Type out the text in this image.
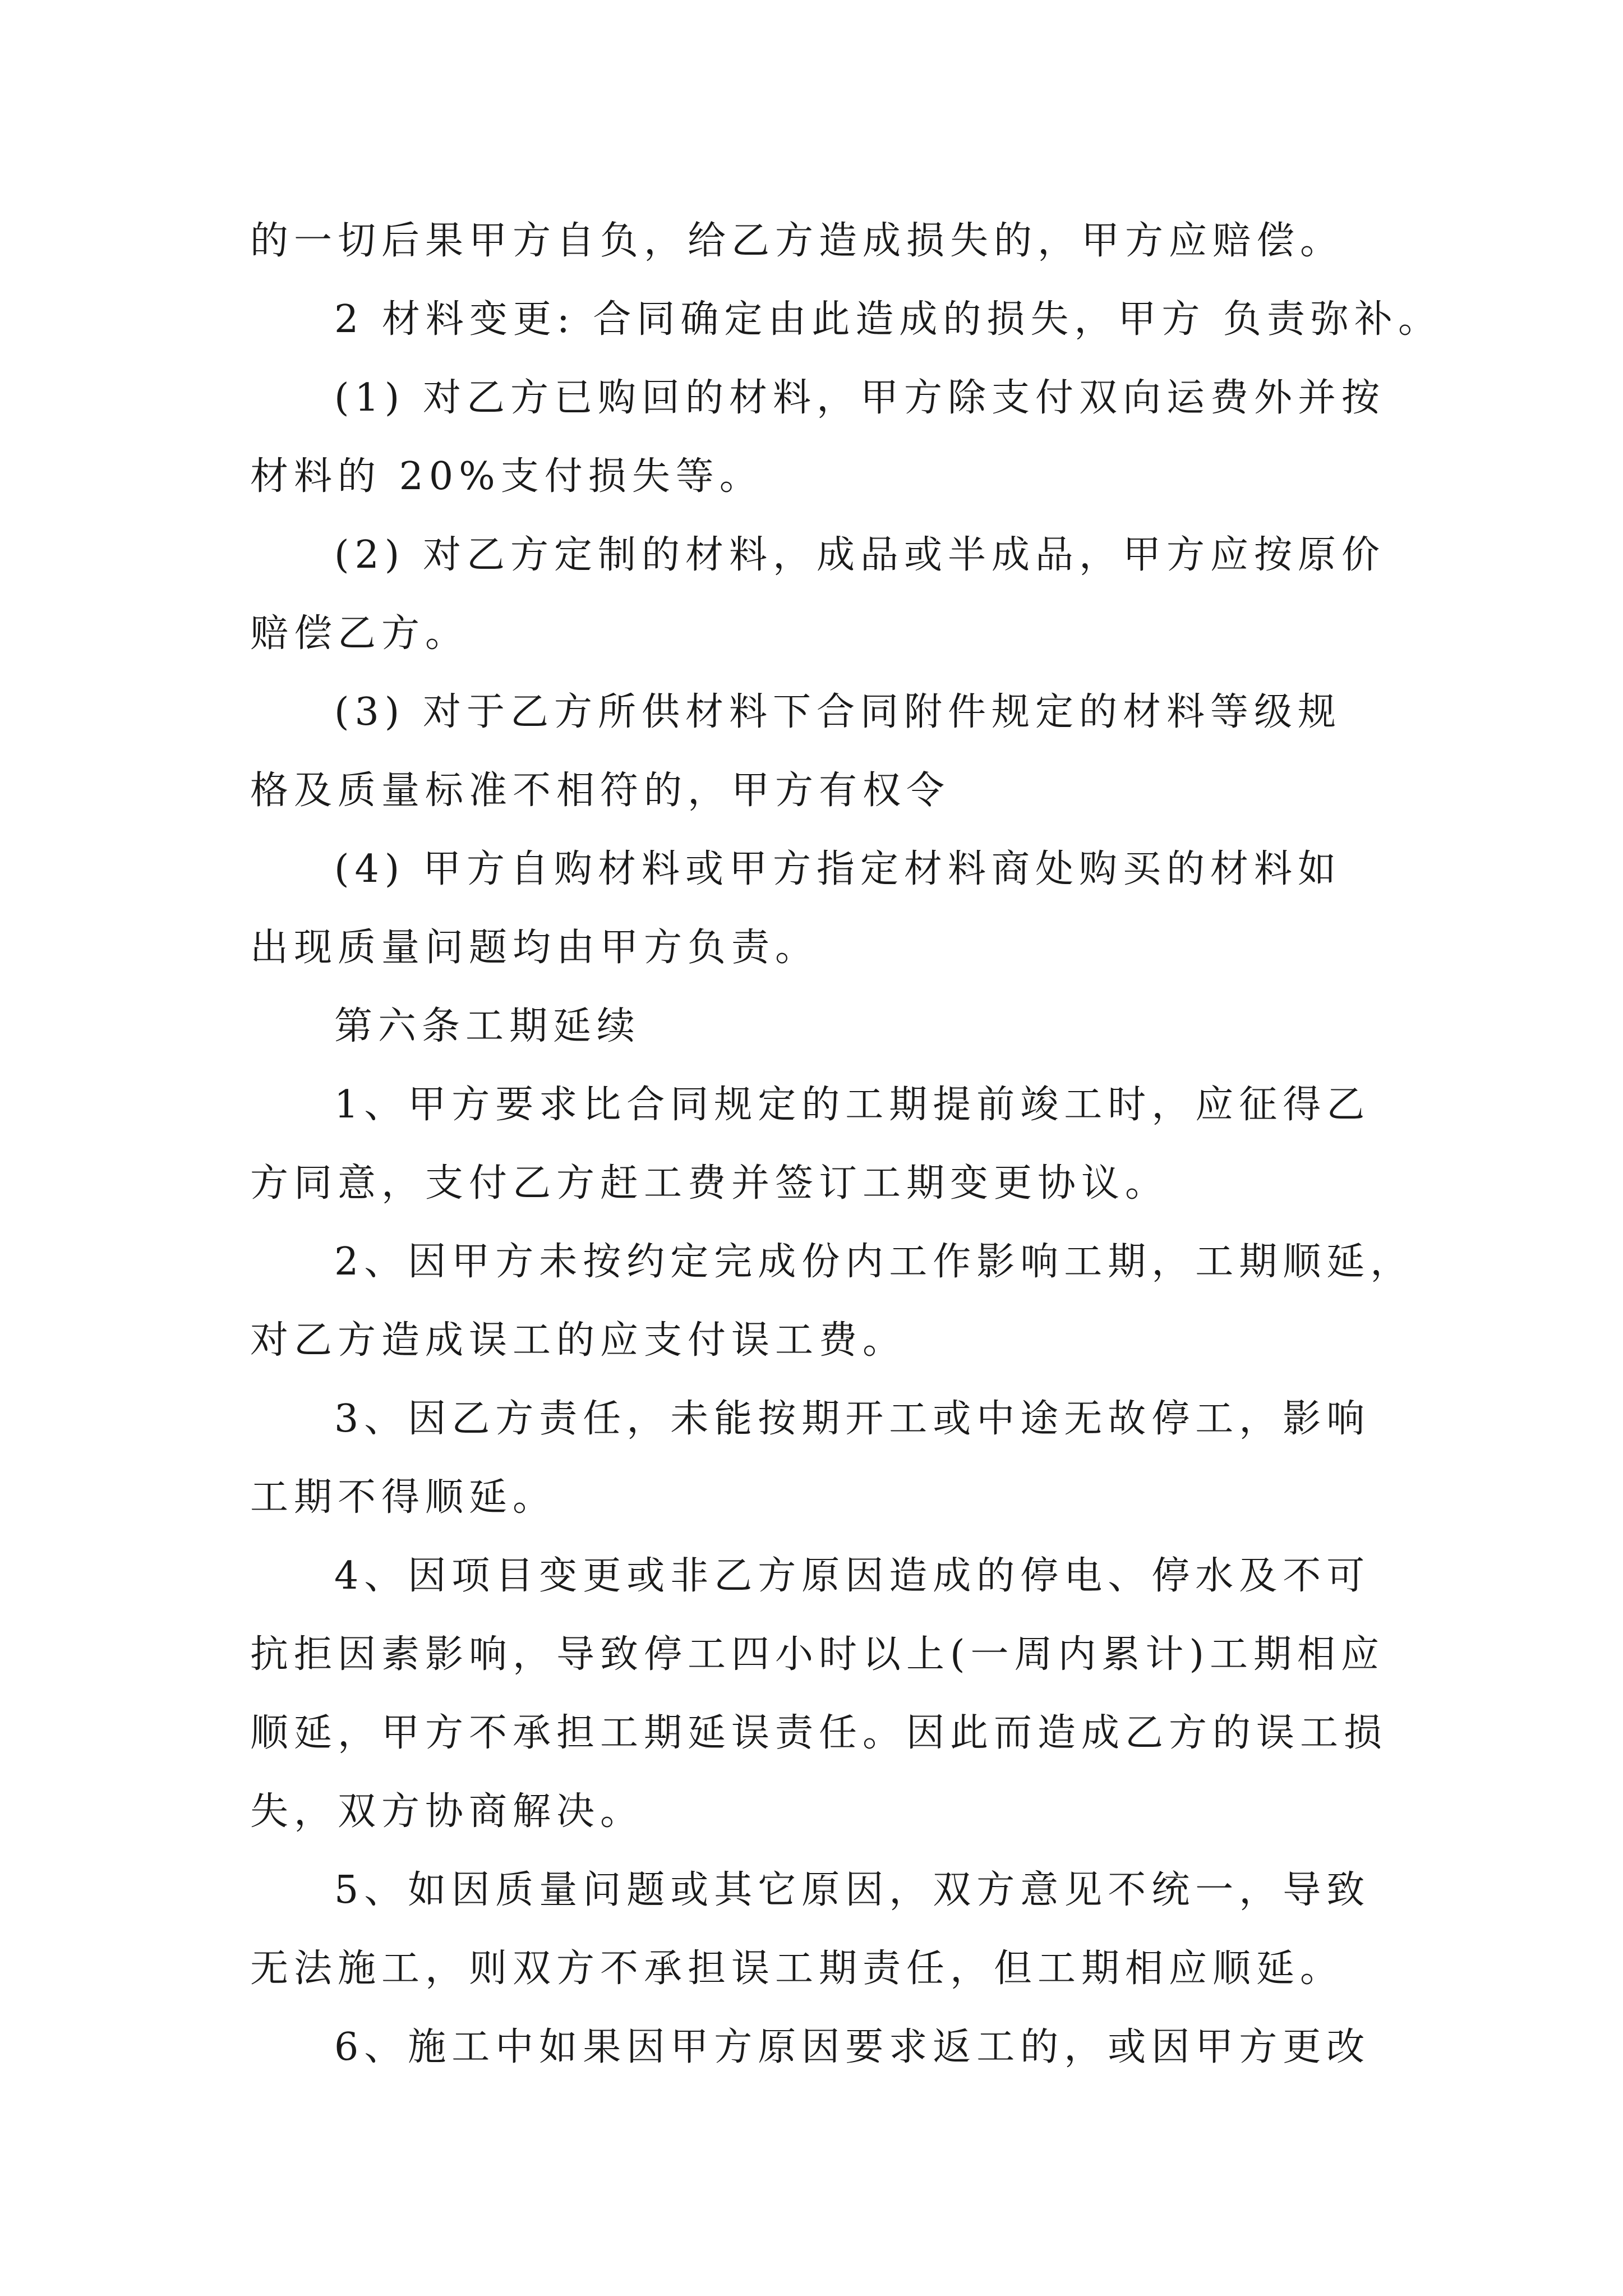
的一切后果甲方自负，给乙方造成损失的，甲方应赔偿。
2 材料变更: 合同确定由此造成的损失，甲方 负责弥补。
(1) 对乙方已购回的材料，甲方除支付双向运费外并按
材料的 20%支付损失等。
(2) 对乙方定制的材料，成品或半成品，甲方应按原价
赔偿乙方。
(3) 对于乙方所供材料下合同附件规定的材料等级规
格及质量标准不相符的，甲方有权令
(4) 甲方自购材料或甲方指定材料商处购买的材料如
出现质量问题均由甲方负责。
第六条工期延续
1、甲方要求比合同规定的工期提前竣工时，应征得乙
方同意，支付乙方赶工费并签订工期变更协议。
2、因甲方未按约定完成份内工作影响工期，工期顺延，
对乙方造成误工的应支付误工费。
3、因乙方责任，未能按期开工或中途无故停工，影响
工期不得顺延。
4、因项目变更或非乙方原因造成的停电、停水及不可
抗拒因素影响，导致停工四小时以上(一周内累计)工期相应
顺延，甲方不承担工期延误责任。因此而造成乙方的误工损
失，双方协商解决。
5、如因质量问题或其它原因，双方意见不统一，导致
无法施工，则双方不承担误工期责任，但工期相应顺延。
6、施工中如果因甲方原因要求返工的，或因甲方更改
